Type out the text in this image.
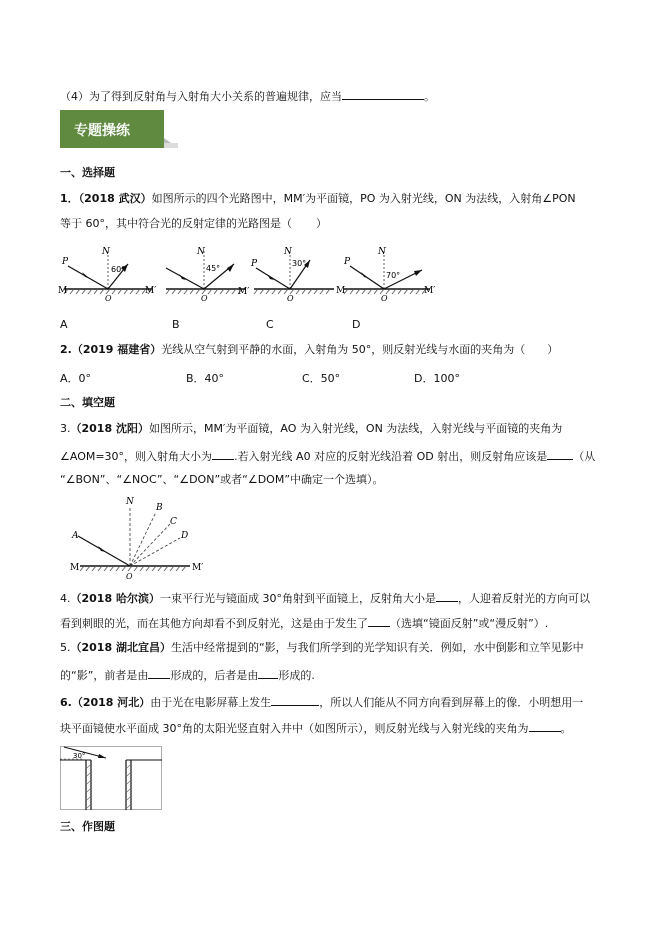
（4）为了得到反射角与入射角大小关系的普遍规律，应当	。
专题操练
一、选择题
1．（2018 武汉）如图所示的四个光路图中，MM′为平面镜，PO 为入射光线，ON 为法线，入射角∠PON
等于 60°，其中符合光的反射定律的光路图是（ ）
P
N
60°
M	M′
O
N
45°
M′
O
P
N
30°
O
P
N
70°
M	M′
O
A	B	C	D
2.（2019 福建省）光线从空气射到平静的水面，入射角为 50°，则反射光线与水面的夹角为（ ）
A．0°	B．40°	C．50°	D．100°
二、填空题
3.（2018 沈阳）如图所示，MM′为平面镜，AO 为入射光线，ON 为法线，入射光线与平面镜的夹角为
∠AOM=30°，则入射角大小为 .若入射光线 A0 对应的反射光线沿着 OD 射出，则反射角应该是 （从
“∠BON”、“∠NOC”、“∠DON”或者“∠DOM”中确定一个选填）。
N
B
C
D
A
M	M′
O
4.（2018 哈尔滨）一束平行光与镜面成 30°角射到平面镜上，反射角大小是 ，人迎着反射光的方向可以
看到刺眼的光，而在其他方向却看不到反射光，这是由于发生了 （选填“镜面反射”或“漫反射”）.
5.（2018 湖北宜昌）生活中经常提到的“影，与我们所学到的光学知识有关．例如，水中倒影和立竿见影中
的“影”，前者是由 形成的，后者是由 形成的.
6.（2018 河北）由于光在电影屏幕上发生	，所以人们能从不同方向看到屏幕上的像．小明想用一
块平面镜使水平面成 30°角的太阳光竖直射入井中（如图所示），则反射光线与入射光线的夹角为	。
30°
三、作图题
